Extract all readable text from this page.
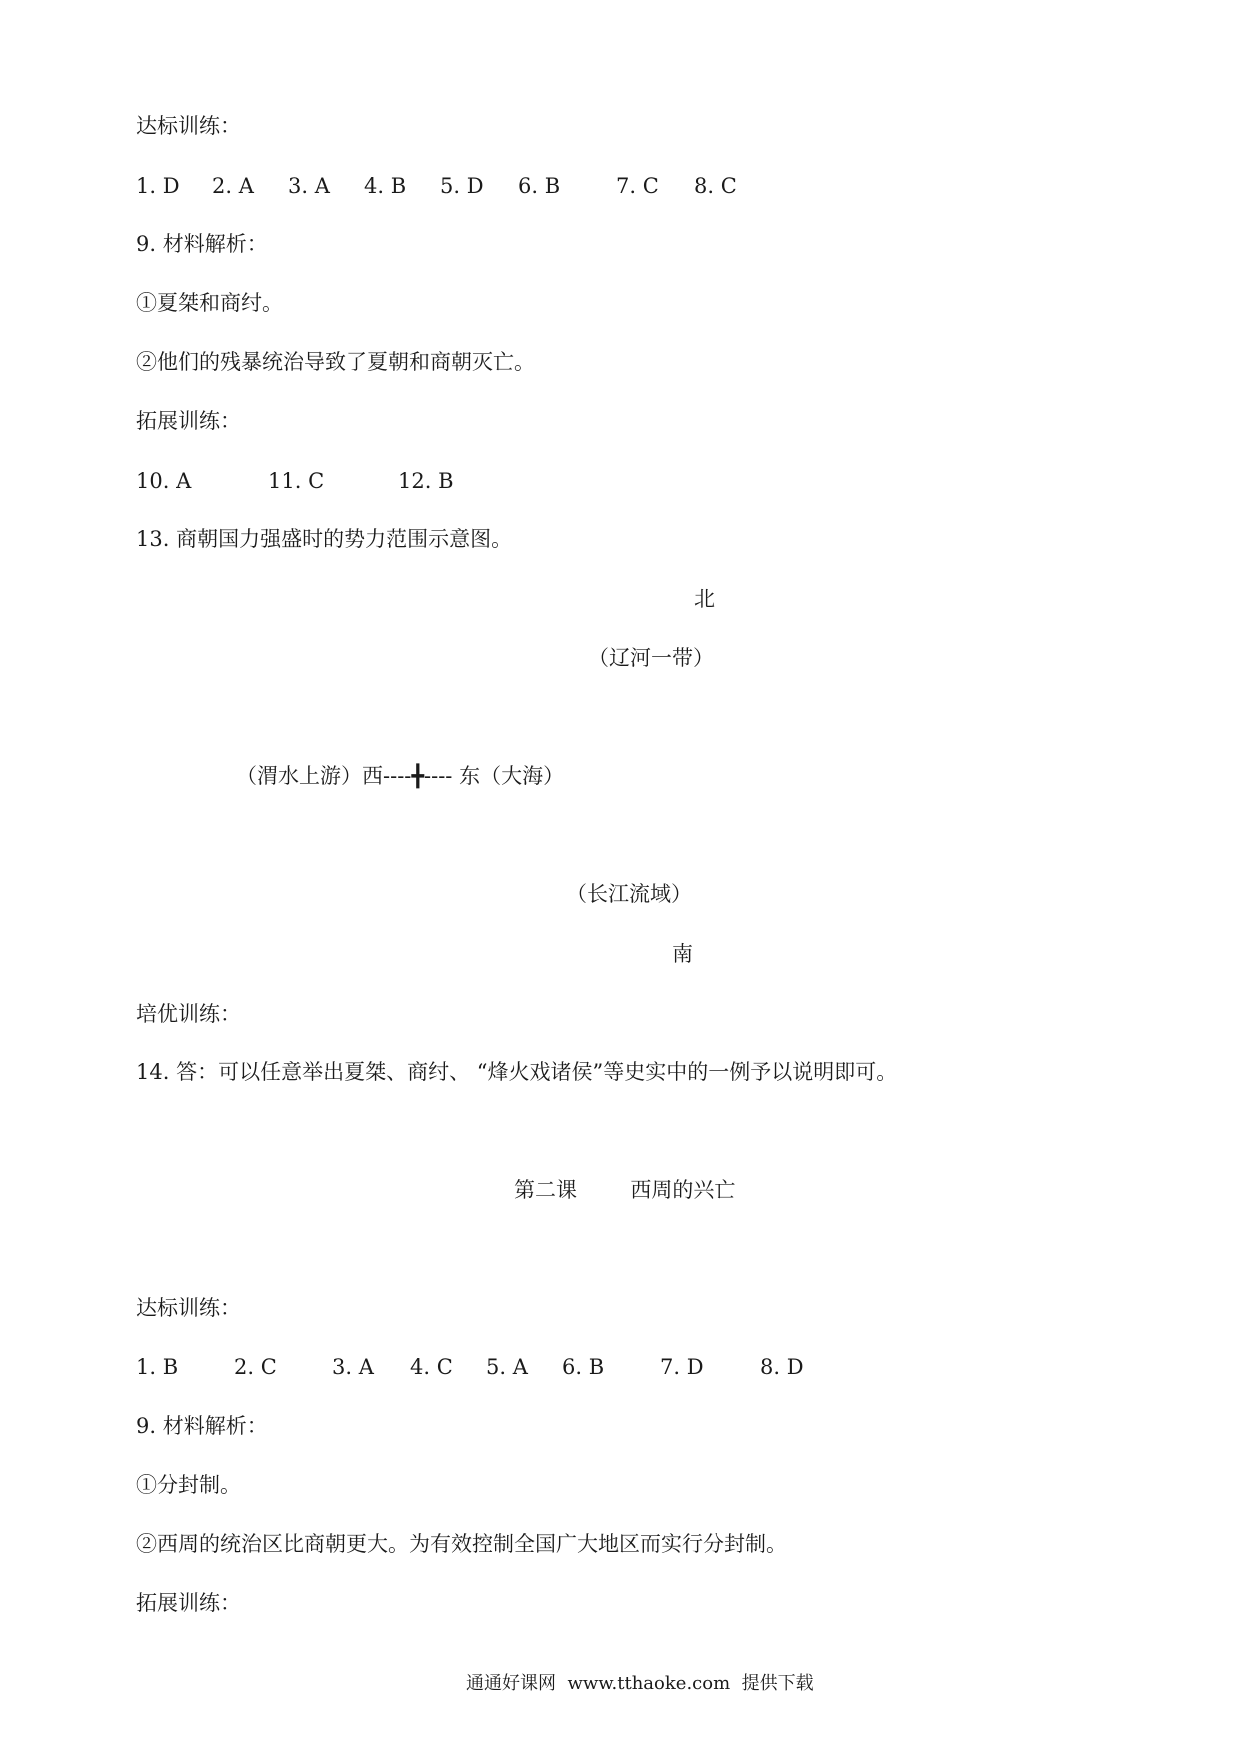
达标训练：
1. D 2. A 3. A 4. B 5. D 6. B	7. C 8. C
9. 材料解析：
①夏桀和商纣。
②他们的残暴统治导致了夏朝和商朝灭亡。
拓展训练：
10. A	11. C	12. B
13. 商朝国力强盛时的势力范围示意图。
北
（辽河一带）
（渭水上游）西----╋---- 东（大海）
（长江流域）
南
培优训练：
14. 答：可以任意举出夏桀、商纣、 “烽火戏诸侯”等史实中的一例予以说明即可。
第二课        西周的兴亡
达标训练：
1. B	2. C	3. A 4. C 5. A 6. B	7. D	8. D
9. 材料解析：
①分封制。
②西周的统治区比商朝更大。为有效控制全国广大地区而实行分封制。
拓展训练：
通通好课网  www.tthaoke.com  提供下载
